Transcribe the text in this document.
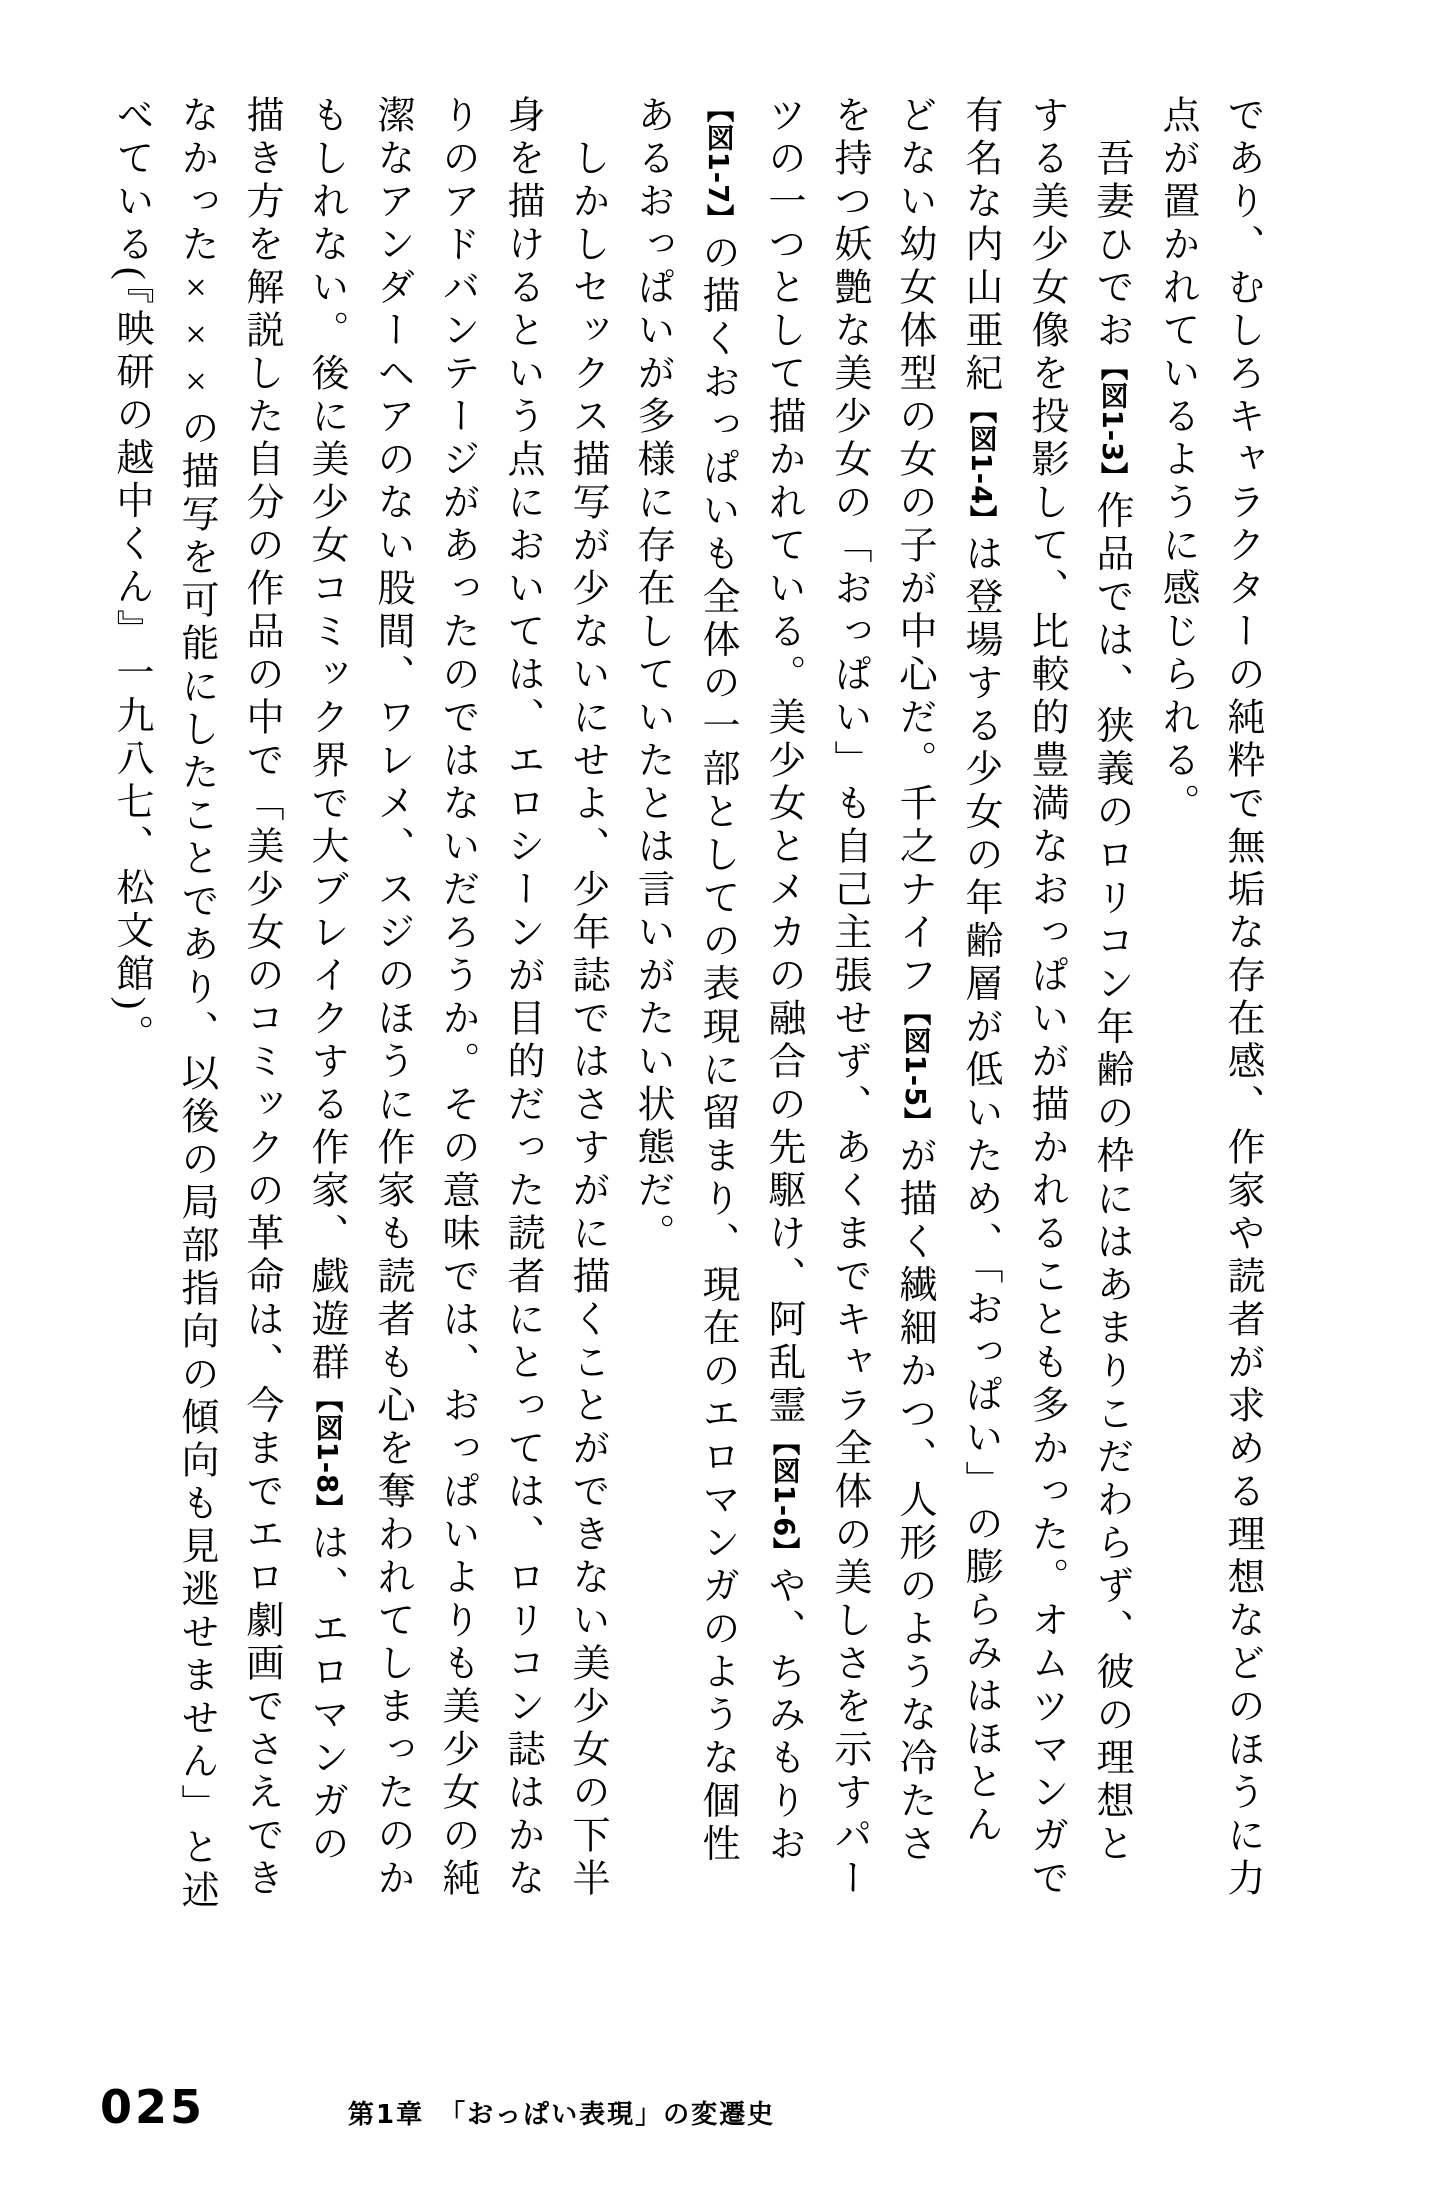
であり、むしろキャラクターの純粋で無垢な存在感、作家や読者が求める理想などのほうに力
点が置かれているように感じられる。
吾妻ひでお【図1-3】作品では、狭義のロリコン年齢の枠にはあまりこだわらず、彼の理想と
する美少女像を投影して、比較的豊満なおっぱいが描かれることも多かった。オムツマンガで
有名な内山亜紀【図1-4】は登場する少女の年齢層が低いため、「おっぱい」の膨らみはほとん
どない幼女体型の女の子が中心だ。千之ナイフ【図1-5】が描く繊細かつ、人形のような冷たさ
を持つ妖艶な美少女の「おっぱい」も自己主張せず、あくまでキャラ全体の美しさを示すパー
ツの一つとして描かれている。美少女とメカの融合の先駆け、阿乱霊【図1-6】や、ちみもりお
【図1-7】の描くおっぱいも全体の一部としての表現に留まり、現在のエロマンガのような個性
あるおっぱいが多様に存在していたとは言いがたい状態だ。
しかしセックス描写が少ないにせよ、少年誌ではさすがに描くことができない美少女の下半
身を描けるという点においては、エロシーンが目的だった読者にとっては、ロリコン誌はかな
りのアドバンテージがあったのではないだろうか。その意味では、おっぱいよりも美少女の純
潔なアンダーヘアのない股間、ワレメ、スジのほうに作家も読者も心を奪われてしまったのか
もしれない。後に美少女コミック界で大ブレイクする作家、戯遊群【図1-8】は、エロマンガの
描き方を解説した自分の作品の中で「美少女のコミックの革命は、今までエロ劇画でさえでき
なかった×××の描写を可能にしたことであり、以後の局部指向の傾向も見逃せません」と述
べている(『映研の越中くん』一九八七、松文館)。
025	第1章　「おっぱい表現」の変遷史
